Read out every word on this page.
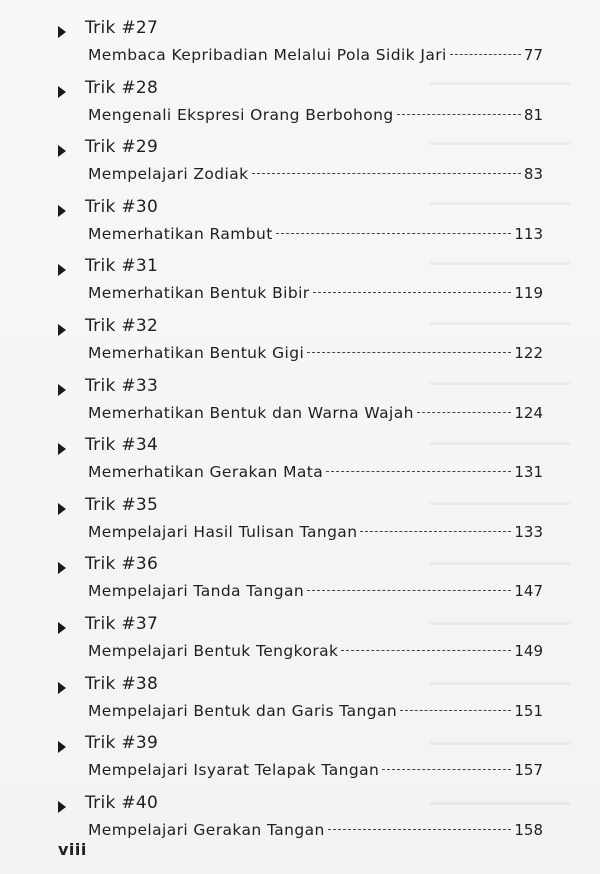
Trik #27
Membaca Kepribadian Melalui Pola Sidik Jari	77
Trik #28
Mengenali Ekspresi Orang Berbohong	81
Trik #29
Mempelajari Zodiak	83
Trik #30
Memerhatikan Rambut	113
Trik #31
Memerhatikan Bentuk Bibir	119
Trik #32
Memerhatikan Bentuk Gigi	122
Trik #33
Memerhatikan Bentuk dan Warna Wajah	124
Trik #34
Memerhatikan Gerakan Mata	131
Trik #35
Mempelajari Hasil Tulisan Tangan	133
Trik #36
Mempelajari Tanda Tangan	147
Trik #37
Mempelajari Bentuk Tengkorak	149
Trik #38
Mempelajari Bentuk dan Garis Tangan	151
Trik #39
Mempelajari Isyarat Telapak Tangan	157
Trik #40
Mempelajari Gerakan Tangan	158
viii
